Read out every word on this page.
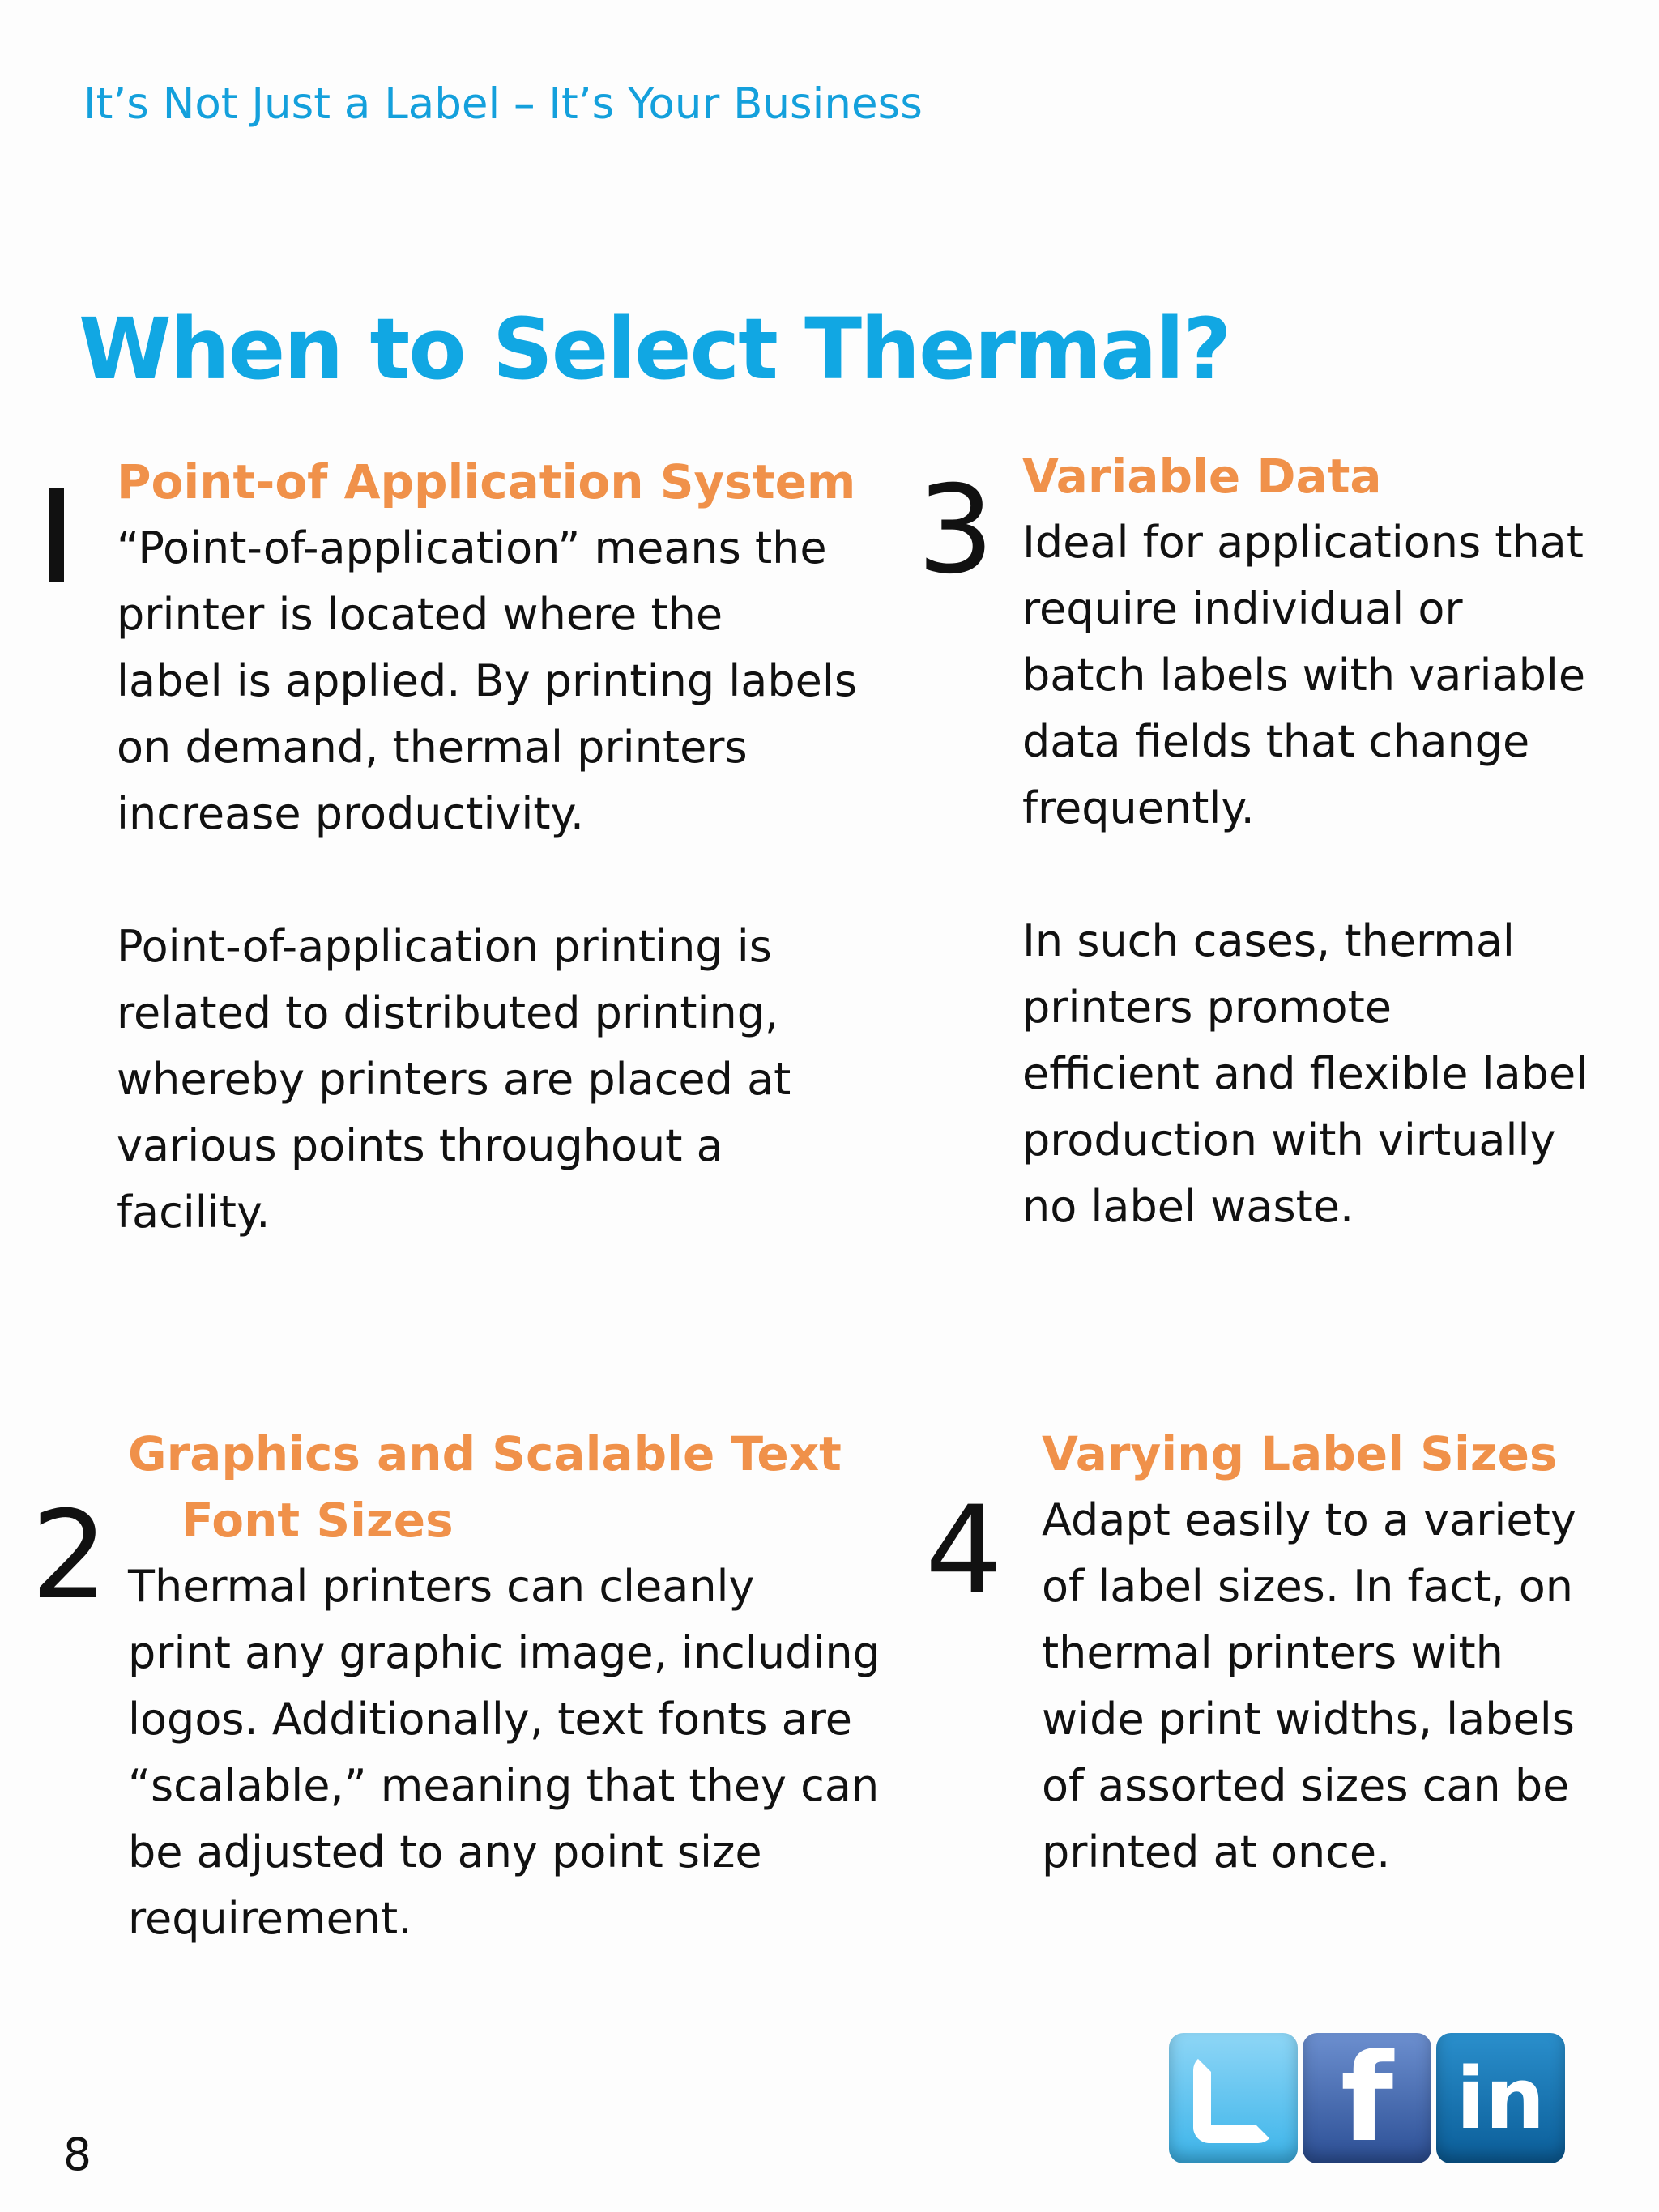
It’s Not Just a Label – It’s Your Business
When to Select Thermal?
Point-of Application System

“Point-of-application” means the
printer is located where the
label is applied. By printing labels
on demand, thermal printers
increase productivity.

Point-of-application printing is
related to distributed printing,
whereby printers are placed at
various points throughout a
facility.

3 Variable Data

Ideal for applications that
require individual or
batch labels with variable
data fields that change
frequently.

In such cases, thermal
printers promote
efficient and flexible label
production with virtually
no label waste.

2
Graphics and Scalable Text
Font Sizes

Thermal printers can cleanly
print any graphic image, including
logos. Additionally, text fonts are
“scalable,” meaning that they can
be adjusted to any point size
requirement.

4
Varying Label Sizes

Adapt easily to a variety
of label sizes. In fact, on
thermal printers with
wide print widths, labels
of assorted sizes can be
printed at once.

f in
8
